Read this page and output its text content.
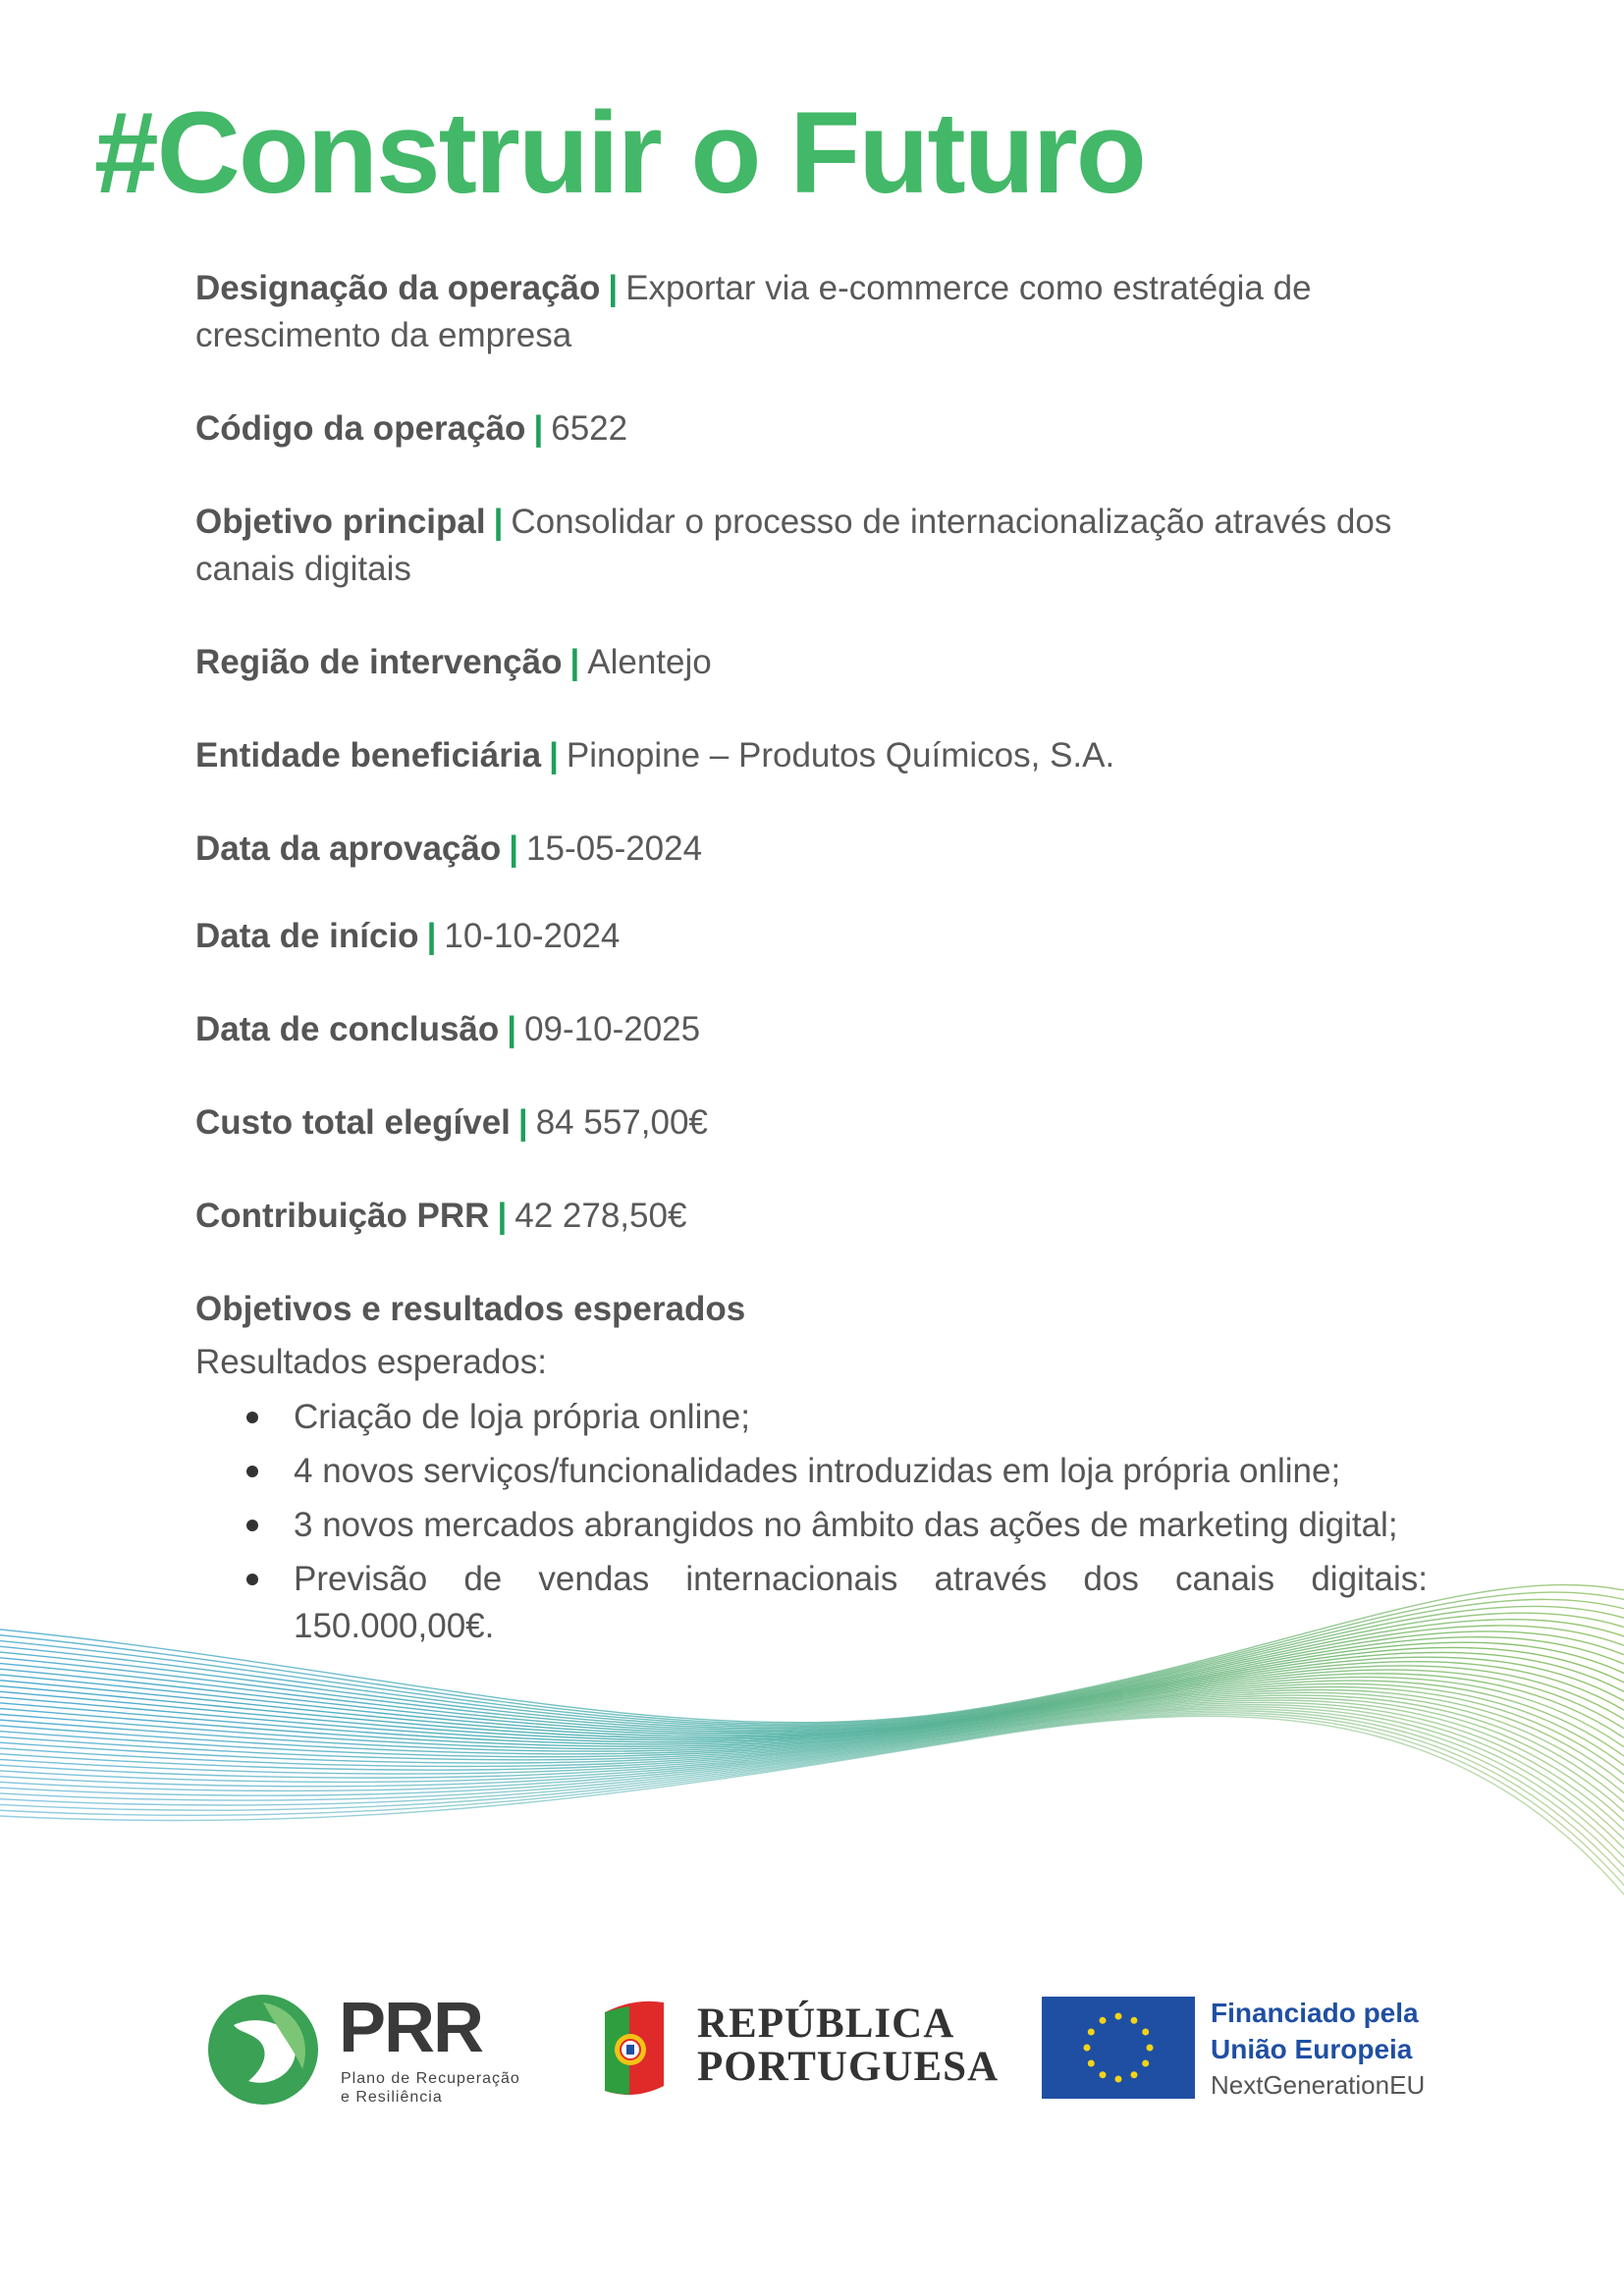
#Construir o Futuro

Designação da operação | Exportar via e-commerce como estratégia de crescimento da empresa

Código da operação | 6522

Objetivo principal | Consolidar o processo de internacionalização através dos canais digitais

Região de intervenção | Alentejo

Entidade beneficiária | Pinopine – Produtos Químicos, S.A.

Data da aprovação | 15-05-2024

Data de início | 10-10-2024

Data de conclusão | 09-10-2025

Custo total elegível | 84 557,00€

Contribuição PRR | 42 278,50€

Objetivos e resultados esperados

Resultados esperados:

Criação de loja própria online;
4 novos serviços/funcionalidades introduzidas em loja própria online;
3 novos mercados abrangidos no âmbito das ações de marketing digital;
Previsão de vendas internacionais através dos canais digitais:
150.000,00€.
PRR
Plano de Recuperação
e Resiliência
REPÚBLICA
PORTUGUESA
Financiado pela
União Europeia
NextGenerationEU
